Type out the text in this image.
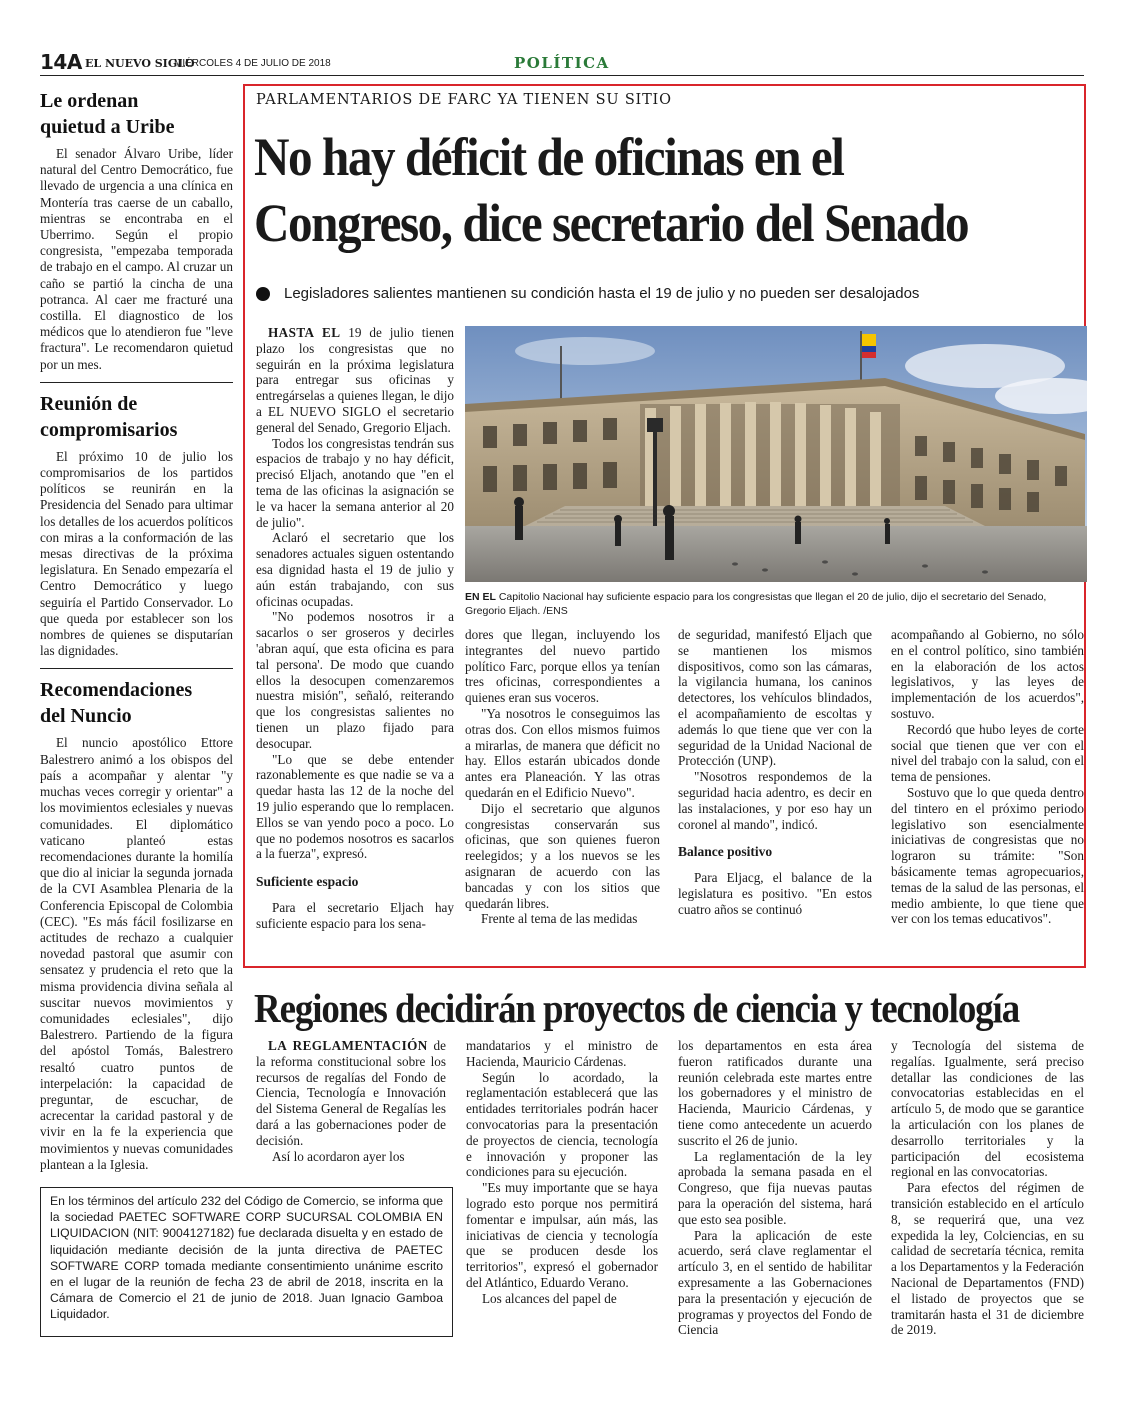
14A EL NUEVO SIGLO
MIÉRCOLES 4 DE JULIO DE 2018	POLÍTICA
Le ordenan quietud a Uribe
El senador Álvaro Uribe, líder natural del Centro Democrático, fue llevado de urgencia a una clínica en Montería tras caerse de un caballo, mientras se encontraba en el Uberrimo. Según el propio congresista, "empezaba temporada de trabajo en el campo. Al cruzar un caño se partió la cincha de una potranca. Al caer me fracturé una costilla. El diagnostico de los médicos que lo atendieron fue "leve fractura". Le recomendaron quietud por un mes.
Reunión de compromisarios
El próximo 10 de julio los compromisarios de los partidos políticos se reunirán en la Presidencia del Senado para ultimar los detalles de los acuerdos políticos con miras a la conformación de las mesas directivas de la próxima legislatura. En Senado empezaría el Centro Democrático y luego seguiría el Partido Conservador. Lo que queda por establecer son los nombres de quienes se disputarían las dignidades.
Recomendaciones del Nuncio
El nuncio apostólico Ettore Balestrero animó a los obispos del país a acompañar y alentar "y muchas veces corregir y orientar" a los movimientos eclesiales y nuevas comunidades. El diplomático vaticano planteó estas recomendaciones durante la homilía que dio al iniciar la segunda jornada de la CVI Asamblea Plenaria de la Conferencia Episcopal de Colombia (CEC). "Es más fácil fosilizarse en actitudes de rechazo a cualquier novedad pastoral que asumir con sensatez y prudencia el reto que la misma providencia divina señala al suscitar nuevos movimientos y comunidades eclesiales", dijo Balestrero. Partiendo de la figura del apóstol Tomás, Balestrero resaltó cuatro puntos de interpelación: la capacidad de preguntar, de escuchar, de acrecentar la caridad pastoral y de vivir en la fe la experiencia que movimientos y nuevas comunidades plantean a la Iglesia.
PARLAMENTARIOS DE FARC YA TIENEN SU SITIO
No hay déficit de oficinas en el
Congreso, dice secretario del Senado
Legisladores salientes mantienen su condición hasta el 19 de julio y no pueden ser desalojados

HASTA EL 19 de julio tienen plazo los congresistas que no seguirán en la próxima legislatura para entregar sus oficinas y entregárselas a quienes llegan, le dijo a EL NUEVO SIGLO el secretario general del Senado, Gregorio Eljach.

Todos los congresistas tendrán sus espacios de trabajo y no hay déficit, precisó Eljach, anotando que "en el tema de las oficinas la asignación se le va hacer la semana anterior al 20 de julio".

Aclaró el secretario que los senadores actuales siguen ostentando esa dignidad hasta el 19 de julio y aún están trabajando, con sus oficinas ocupadas.

"No podemos nosotros ir a sacarlos o ser groseros y decirles 'abran aquí, que esta oficina es para tal persona'. De modo que cuando ellos la desocupen comenzaremos nuestra misión", señaló, reiterando que los congresistas salientes no tienen un plazo fijado para desocupar.

"Lo que se debe entender razonablemente es que nadie se va a quedar hasta las 12 de la noche del 19 julio esperando que lo remplacen. Ellos se van yendo poco a poco. Lo que no podemos nosotros es sacarlos a la fuerza", expresó.

Suficiente espacio

Para el secretario Eljach hay suficiente espacio para los sena-

EN EL Capitolio Nacional hay suficiente espacio para los congresistas que llegan el 20 de julio, dijo el secretario del Senado, Gregorio Eljach. /ENS

dores que llegan, incluyendo los integrantes del nuevo partido político Farc, porque ellos ya tenían tres oficinas, correspondientes a quienes eran sus voceros.

"Ya nosotros le conseguimos las otras dos. Con ellos mismos fuimos a mirarlas, de manera que déficit no hay. Ellos estarán ubicados donde antes era Planeación. Y las otras quedarán en el Edificio Nuevo".

Dijo el secretario que algunos congresistas conservarán sus oficinas, que son quienes fueron reelegidos; y a los nuevos se les asignaran de acuerdo con las bancadas y con los sitios que quedarán libres.

Frente al tema de las medidas

de seguridad, manifestó Eljach que se mantienen los mismos dispositivos, como son las cámaras, la vigilancia humana, los caninos detectores, los vehículos blindados, el acompañamiento de escoltas y además lo que tiene que ver con la seguridad de la Unidad Nacional de Protección (UNP).

"Nosotros respondemos de la seguridad hacia adentro, es decir en las instalaciones, y por eso hay un coronel al mando", indicó.

Balance positivo

Para Eljacg, el balance de la legislatura es positivo. "En estos cuatro años se continuó

acompañando al Gobierno, no sólo en el control político, sino también en la elaboración de los actos legislativos, y las leyes de implementación de los acuerdos", sostuvo.

Recordó que hubo leyes de corte social que tienen que ver con el nivel del trabajo con la salud, con el tema de pensiones.

Sostuvo que lo que queda dentro del tintero en el próximo periodo legislativo son esencialmente iniciativas de congresistas que no lograron su trámite: "Son básicamente temas agropecuarios, temas de la salud de las personas, el medio ambiente, lo que tiene que ver con los temas educativos".

Regiones decidirán proyectos de ciencia y tecnología

LA REGLAMENTACIÓN de la reforma constitucional sobre los recursos de regalías del Fondo de Ciencia, Tecnología e Innovación del Sistema General de Regalías les dará a las gobernaciones poder de decisión.

Así lo acordaron ayer los

mandatarios y el ministro de Hacienda, Mauricio Cárdenas.

Según lo acordado, la reglamentación establecerá que las entidades territoriales podrán hacer convocatorias para la presentación de proyectos de ciencia, tecnología e innovación y proponer las condiciones para su ejecución.

"Es muy importante que se haya logrado esto porque nos permitirá fomentar e impulsar, aún más, las iniciativas de ciencia y tecnología que se producen desde los territorios", expresó el gobernador del Atlántico, Eduardo Verano.

Los alcances del papel de

los departamentos en esta área fueron ratificados durante una reunión celebrada este martes entre los gobernadores y el ministro de Hacienda, Mauricio Cárdenas, y tiene como antecedente un acuerdo suscrito el 26 de junio.

La reglamentación de la ley aprobada la semana pasada en el Congreso, que fija nuevas pautas para la operación del sistema, hará que esto sea posible.

Para la aplicación de este acuerdo, será clave reglamentar el artículo 3, en el sentido de habilitar expresamente a las Gobernaciones para la presentación y ejecución de programas y proyectos del Fondo de Ciencia

y Tecnología del sistema de regalías. Igualmente, será preciso detallar las condiciones de las convocatorias establecidas en el artículo 5, de modo que se garantice la articulación con los planes de desarrollo territoriales y la participación del ecosistema regional en las convocatorias.

Para efectos del régimen de transición establecido en el artículo 8, se requerirá que, una vez expedida la ley, Colciencias, en su calidad de secretaría técnica, remita a los Departamentos y la Federación Nacional de Departamentos (FND) el listado de proyectos que se tramitarán hasta el 31 de diciembre de 2019.

En los términos del artículo 232 del Código de Comercio, se informa que la sociedad PAETEC SOFTWARE CORP SUCURSAL COLOMBIA EN LIQUIDACION (NIT: 9004127182) fue declarada disuelta y en estado de liquidación mediante decisión de la junta directiva de PAETEC SOFTWARE CORP tomada mediante consentimiento unánime escrito en el lugar de la reunión de fecha 23 de abril de 2018, inscrita en la Cámara de Comercio el 21 de junio de 2018. Juan Ignacio Gamboa Liquidador.
